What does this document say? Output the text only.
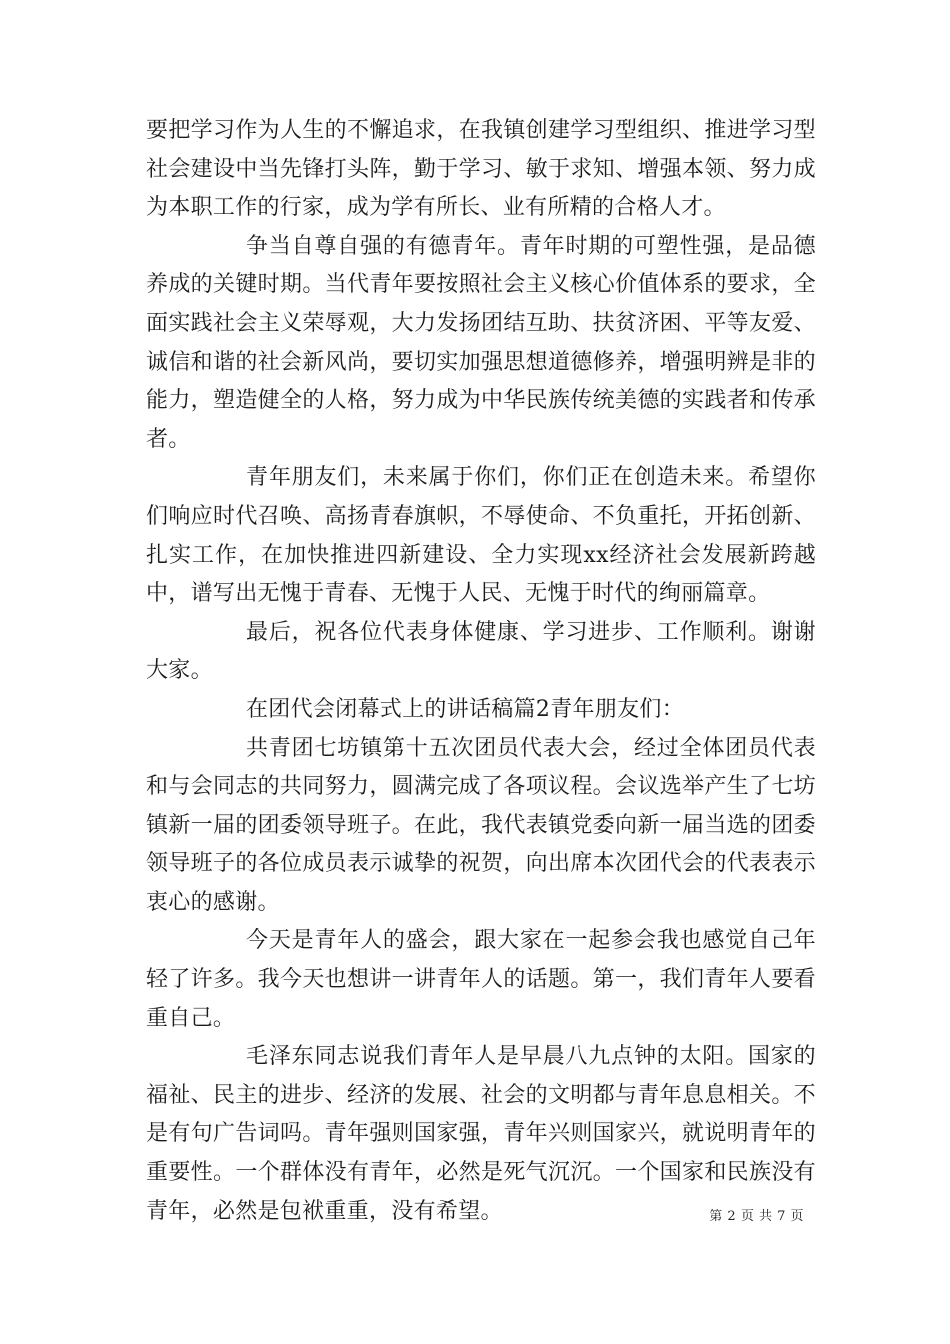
要把学习作为人生的不懈追求，在我镇创建学习型组织、推进学习型社会建设中当先锋打头阵，勤于学习、敏于求知、增强本领、努力成为本职工作的行家，成为学有所长、业有所精的合格人才。

争当自尊自强的有德青年。青年时期的可塑性强，是品德养成的关键时期。当代青年要按照社会主义核心价值体系的要求，全面实践社会主义荣辱观，大力发扬团结互助、扶贫济困、平等友爱、诚信和谐的社会新风尚，要切实加强思想道德修养，增强明辨是非的能力，塑造健全的人格，努力成为中华民族传统美德的实践者和传承者。

青年朋友们，未来属于你们，你们正在创造未来。希望你们响应时代召唤、高扬青春旗帜，不辱使命、不负重托，开拓创新、扎实工作，在加快推进四新建设、全力实现xx经济社会发展新跨越中，谱写出无愧于青春、无愧于人民、无愧于时代的绚丽篇章。

最后，祝各位代表身体健康、学习进步、工作顺利。谢谢大家。

在团代会闭幕式上的讲话稿篇2青年朋友们：

共青团七坊镇第十五次团员代表大会，经过全体团员代表和与会同志的共同努力，圆满完成了各项议程。会议选举产生了七坊镇新一届的团委领导班子。在此，我代表镇党委向新一届当选的团委领导班子的各位成员表示诚挚的祝贺，向出席本次团代会的代表表示衷心的感谢。

今天是青年人的盛会，跟大家在一起参会我也感觉自己年轻了许多。我今天也想讲一讲青年人的话题。第一，我们青年人要看重自己。

毛泽东同志说我们青年人是早晨八九点钟的太阳。国家的福祉、民主的进步、经济的发展、社会的文明都与青年息息相关。不是有句广告词吗。青年强则国家强，青年兴则国家兴，就说明青年的重要性。一个群体没有青年，必然是死气沉沉。一个国家和民族没有青年，必然是包袱重重，没有希望。	第 2 页 共 7 页
